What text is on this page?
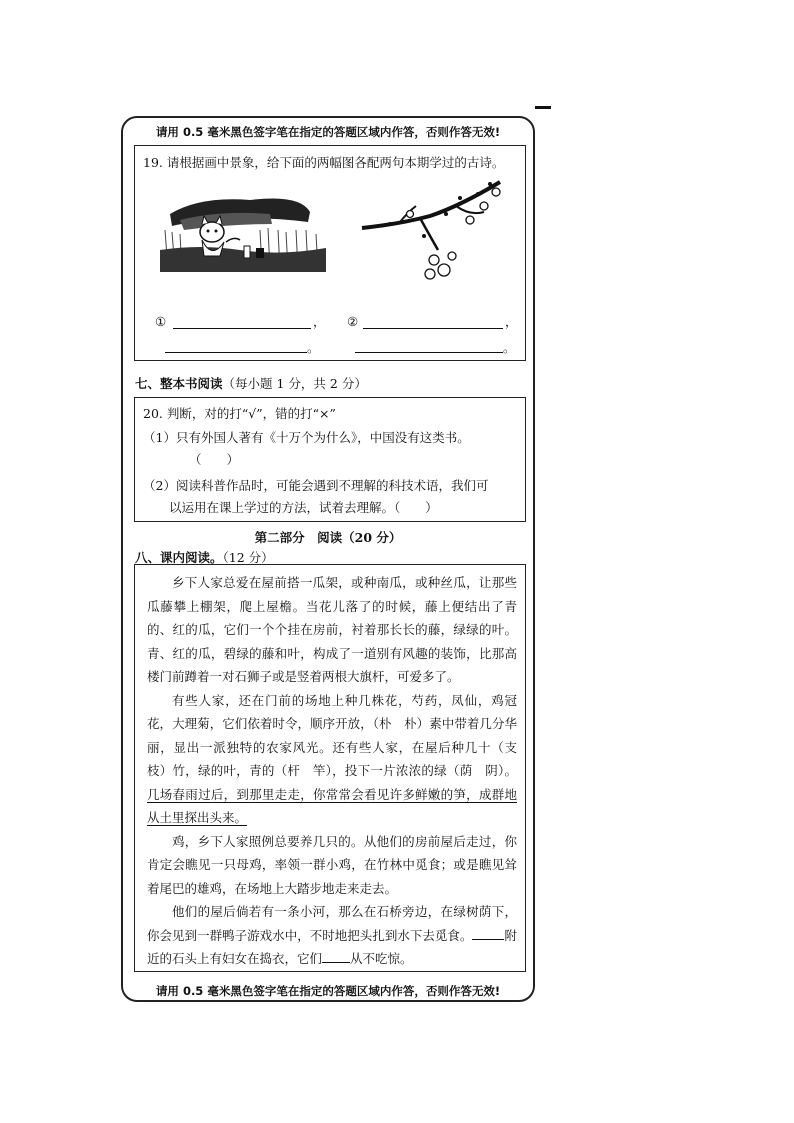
请用 0.5 毫米黑色签字笔在指定的答题区域内作答，否则作答无效!
19. 请根据画中景象，给下面的两幅图各配两句本期学过的古诗。
①	， ②	，
。	。
七、整本书阅读（每小题 1 分，共 2 分）
20. 判断，对的打“√”，错的打“×”
（1）只有外国人著有《十万个为什么》，中国没有这类书。
（　　）
（2）阅读科普作品时，可能会遇到不理解的科技术语，我们可
以运用在课上学过的方法，试着去理解。（　　）
第二部分　阅读（20 分）
八、课内阅读。（12 分）

乡下人家总爱在屋前搭一瓜架，或种南瓜，或种丝瓜，让那些瓜藤攀上棚架，爬上屋檐。当花儿落了的时候，藤上便结出了青的、红的瓜，它们一个个挂在房前，衬着那长长的藤，绿绿的叶。青、红的瓜，碧绿的藤和叶，构成了一道别有风趣的装饰，比那高楼门前蹲着一对石狮子或是竖着两根大旗杆，可爱多了。

有些人家，还在门前的场地上种几株花，芍药，凤仙，鸡冠花，大理菊，它们依着时令，顺序开放，（朴　朴）素中带着几分华丽，显出一派独特的农家风光。还有些人家，在屋后种几十（支　枝）竹，绿的叶，青的（杆　竿），投下一片浓浓的绿（荫　阴）。几场春雨过后，到那里走走，你常常会看见许多鲜嫩的笋，成群地从土里探出头来。

鸡，乡下人家照例总要养几只的。从他们的房前屋后走过，你肯定会瞧见一只母鸡，率领一群小鸡，在竹林中觅食；或是瞧见耸着尾巴的雄鸡，在场地上大踏步地走来走去。

他们的屋后倘若有一条小河，那么在石桥旁边，在绿树荫下，你会见到一群鸭子游戏水中，不时地把头扎到水下去觅食。	附近的石头上有妇女在捣衣，它们 从不吃惊。

请用 0.5 毫米黑色签字笔在指定的答题区域内作答，否则作答无效!
